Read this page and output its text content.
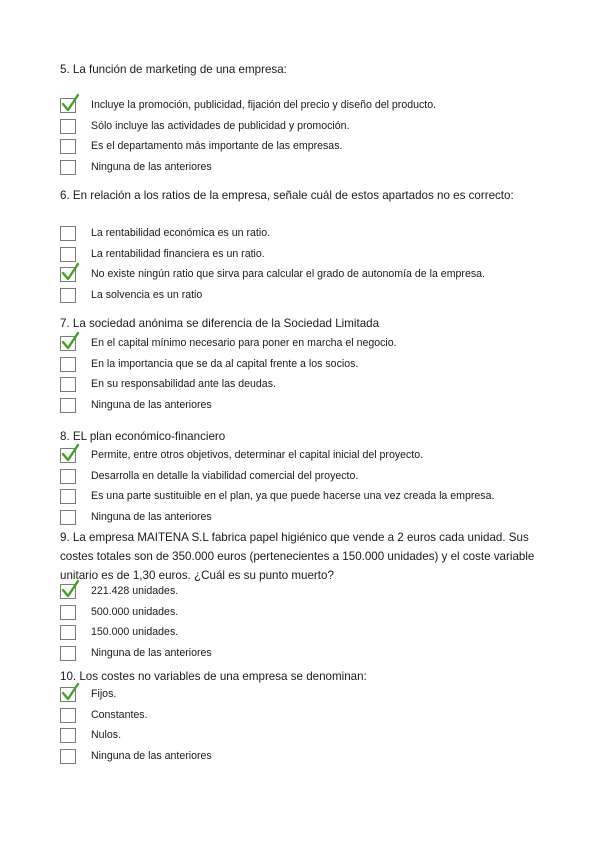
5. La función de marketing de una empresa:
Incluye la promoción, publicidad, fijación del precio y diseño del producto.
Sólo incluye las actividades de publicidad y promoción.
Es el departamento más importante de las empresas.
Ninguna de las anteriores
6. En relación a los ratios de la empresa, señale cuál de estos apartados no es correcto:
La rentabilidad económica es un ratio.
La rentabilidad financiera es un ratio.
No existe ningún ratio que sirva para calcular el grado de autonomía de la empresa.
La solvencia es un ratio
7. La sociedad anónima se diferencia de la Sociedad Limitada
En el capital mínimo necesario para poner en marcha el negocio.
En la importancia que se da al capital frente a los socios.
En su responsabilidad ante las deudas.
Ninguna de las anteriores
8. EL plan económico-financiero
Permite, entre otros objetivos, determinar el capital inicial del proyecto.
Desarrolla en detalle la viabilidad comercial del proyecto.
Es una parte sustituible en el plan, ya que puede hacerse una vez creada la empresa.
Ninguna de las anteriores
9. La empresa MAITENA S.L fabrica papel higiénico que vende a 2 euros cada unidad. Sus costes totales son de 350.000 euros (pertenecientes a 150.000 unidades) y el coste variable unitario es de 1,30 euros. ¿Cuál es su punto muerto?
221.428 unidades.
500.000 unidades.
150.000 unidades.
Ninguna de las anteriores
10. Los costes no variables de una empresa se denominan:
Fijos.
Constantes.
Nulos.
Ninguna de las anteriores
